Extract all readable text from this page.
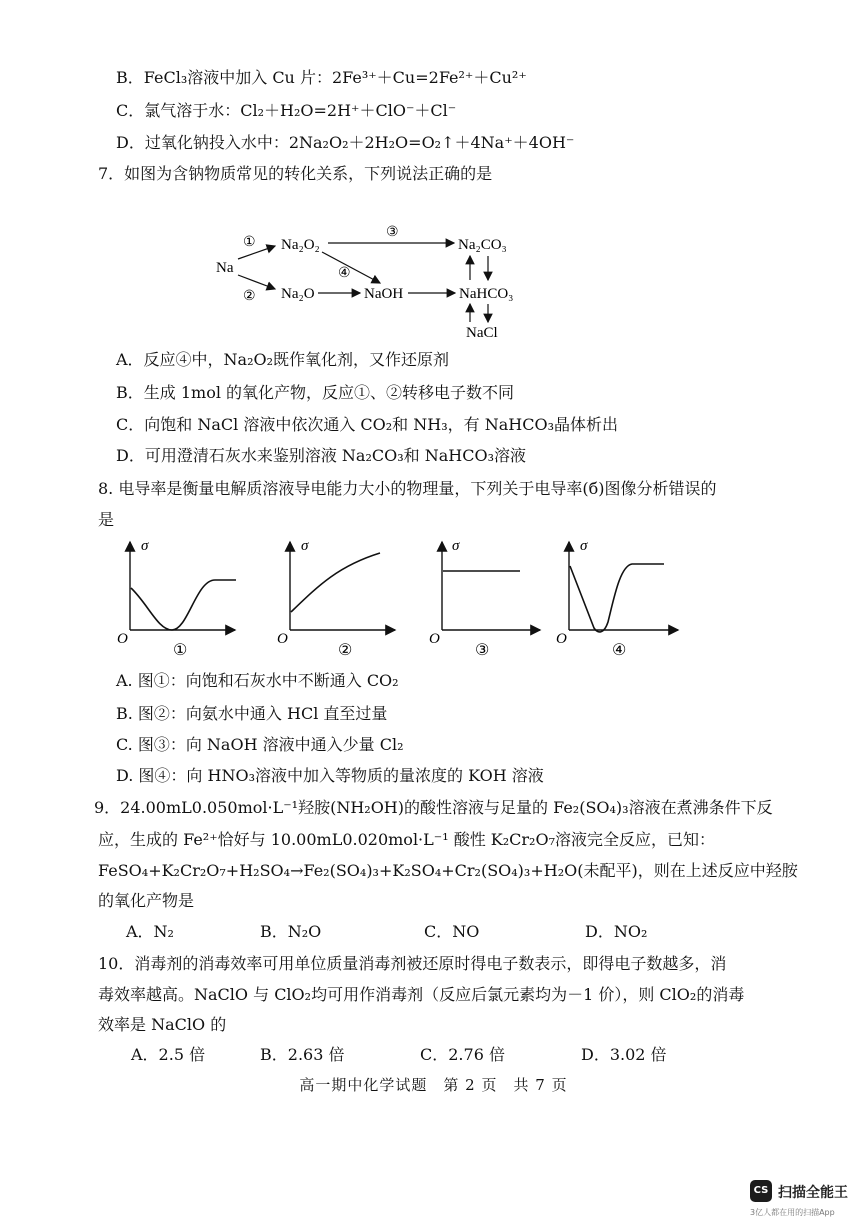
B．FeCl₃溶液中加入 Cu 片：2Fe³⁺＋Cu=2Fe²⁺＋Cu²⁺
C．氯气溶于水：Cl₂＋H₂O=2H⁺＋ClO⁻＋Cl⁻
D．过氧化钠投入水中：2Na₂O₂＋2H₂O=O₂↑＋4Na⁺＋4OH⁻
7．如图为含钠物质常见的转化关系，下列说法正确的是
Na
Na₂O₂
Na₂O	NaOH
Na₂CO₃
NaHCO₃
NaCl
①
②
③
④
A．反应④中，Na₂O₂既作氧化剂，又作还原剂
B．生成 1mol 的氧化产物，反应①、②转移电子数不同
C．向饱和 NaCl 溶液中依次通入 CO₂和 NH₃，有 NaHCO₃晶体析出
D．可用澄清石灰水来鉴别溶液 Na₂CO₃和 NaHCO₃溶液
8. 电导率是衡量电解质溶液导电能力大小的物理量，下列关于电导率(б)图像分析错误的
是
σ
O
①
σ
O
②
σ
O
③
σ
O
④
A. 图①：向饱和石灰水中不断通入 CO₂
B. 图②：向氨水中通入 HCl 直至过量
C. 图③：向 NaOH 溶液中通入少量 Cl₂
D. 图④：向 HNO₃溶液中加入等物质的量浓度的 KOH 溶液
9．24.00mL0.050mol·L⁻¹羟胺(NH₂OH)的酸性溶液与足量的 Fe₂(SO₄)₃溶液在煮沸条件下反
应，生成的 Fe²⁺恰好与 10.00mL0.020mol·L⁻¹ 酸性 K₂Cr₂O₇溶液完全反应，已知：
FeSO₄+K₂Cr₂O₇+H₂SO₄→Fe₂(SO₄)₃+K₂SO₄+Cr₂(SO₄)₃+H₂O(未配平)，则在上述反应中羟胺
的氧化产物是
A．N₂	B．N₂O	C．NO	D．NO₂
10．消毒剂的消毒效率可用单位质量消毒剂被还原时得电子数表示，即得电子数越多，消
毒效率越高。NaClO 与 ClO₂均可用作消毒剂（反应后氯元素均为－1 价），则 ClO₂的消毒
效率是 NaClO 的
A．2.5 倍	B．2.63 倍	C．2.76 倍	D．3.02 倍
高一期中化学试题　第 2 页　共 7 页
CS 扫描全能王
3亿人都在用的扫描App
